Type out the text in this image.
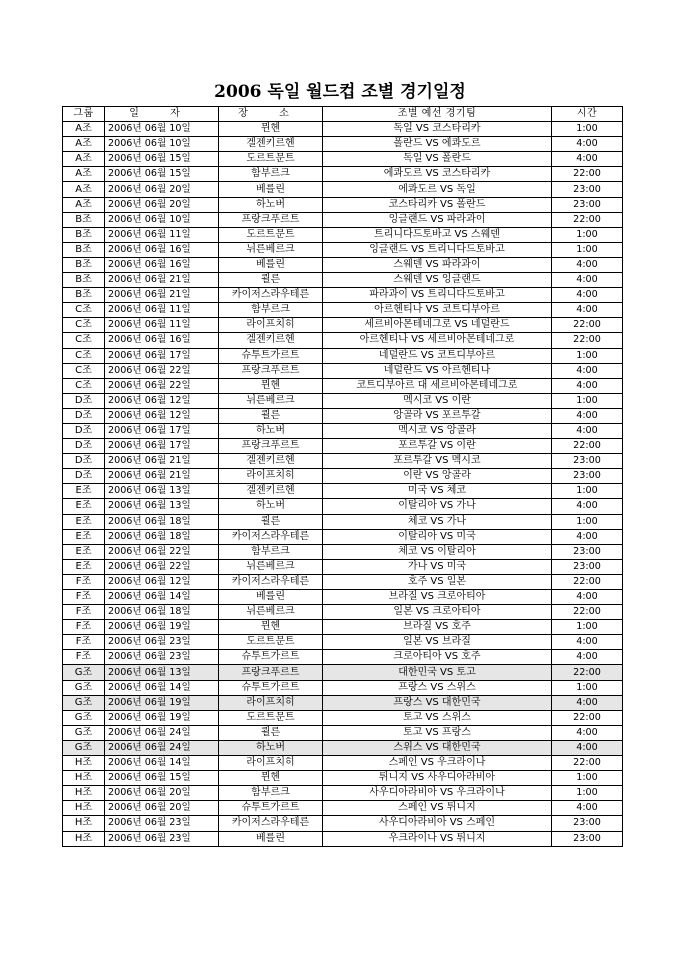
2006 독일 월드컵 조별 경기일정
그룹	일 자	장 소	조별 예선 경기팀	시간
A조	2006년 06월 10일	뮌헨	독일 VS 코스타리카	1:00
A조	2006년 06월 10일	겔젠키르헨	폴란드 VS 에콰도르	4:00
A조	2006년 06월 15일	도르트문트	독일 VS 폴란드	4:00
A조	2006년 06월 15일	함부르크	에콰도르 VS 코스타리카	22:00
A조	2006년 06월 20일	베를린	에콰도르 VS 독일	23:00
A조	2006년 06월 20일	하노버	코스타리카 VS 폴란드	23:00
B조	2006년 06월 10일	프랑크푸르트	잉글랜드 VS 파라과이	22:00
B조	2006년 06월 11일	도르트문트	트리니다드토바고 VS 스웨덴	1:00
B조	2006년 06월 16일	뉘른베르크	잉글랜드 VS 트리니다드토바고	1:00
B조	2006년 06월 16일	베를린	스웨덴 VS 파라과이	4:00
B조	2006년 06월 21일	쾰른	스웨덴 VS 잉글랜드	4:00
B조	2006년 06월 21일	카이저스라우테른	파라과이 VS 트리니다드토바고	4:00
C조	2006년 06월 11일	함부르크	아르헨티나 VS 코트디부아르	4:00
C조	2006년 06월 11일	라이프치히	세르비아몬테네그로 VS 네덜란드	22:00
C조	2006년 06월 16일	겔젠키르헨	아르헨티나 VS 세르비아몬테네그로	22:00
C조	2006년 06월 17일	슈투트가르트	네덜란드 VS 코트디부아르	1:00
C조	2006년 06월 22일	프랑크푸르트	네덜란드 VS 아르헨티나	4:00
C조	2006년 06월 22일	뮌헨	코트디부아르 대 세르비아몬테네그로	4:00
D조	2006년 06월 12일	뉘른베르크	멕시코 VS 이란	1:00
D조	2006년 06월 12일	쾰른	앙골라 VS 포르투갈	4:00
D조	2006년 06월 17일	하노버	멕시코 VS 앙골라	4:00
D조	2006년 06월 17일	프랑크푸르트	포르투갈 VS 이란	22:00
D조	2006년 06월 21일	겔젠키르헨	포르투갈 VS 멕시코	23:00
D조	2006년 06월 21일	라이프치히	이란 VS 앙골라	23:00
E조	2006년 06월 13일	겔젠키르헨	미국 VS 체코	1:00
E조	2006년 06월 13일	하노버	이탈리아 VS 가나	4:00
E조	2006년 06월 18일	쾰른	체코 VS 가나	1:00
E조	2006년 06월 18일	카이저스라우테른	이탈리아 VS 미국	4:00
E조	2006년 06월 22일	함부르크	체코 VS 이탈리아	23:00
E조	2006년 06월 22일	뉘른베르크	가나 VS 미국	23:00
F조	2006년 06월 12일	카이저스라우테른	호주 VS 일본	22:00
F조	2006년 06월 14일	베를린	브라질 VS 크로아티아	4:00
F조	2006년 06월 18일	뉘른베르크	일본 VS 크로아티아	22:00
F조	2006년 06월 19일	뮌헨	브라질 VS 호주	1:00
F조	2006년 06월 23일	도르트문트	일본 VS 브라질	4:00
F조	2006년 06월 23일	슈투트가르트	크로아티아 VS 호주	4:00
G조	2006년 06월 13일	프랑크푸르트	대한민국 VS 토고	22:00
G조	2006년 06월 14일	슈투트가르트	프랑스 VS 스위스	1:00
G조	2006년 06월 19일	라이프치히	프랑스 VS 대한민국	4:00
G조	2006년 06월 19일	도르트문트	토고 VS 스위스	22:00
G조	2006년 06월 24일	쾰른	토고 VS 프랑스	4:00
G조	2006년 06월 24일	하노버	스위스 VS 대한민국	4:00
H조	2006년 06월 14일	라이프치히	스페인 VS 우크라이나	22:00
H조	2006년 06월 15일	뮌헨	튀니지 VS 사우디아라비아	1:00
H조	2006년 06월 20일	함부르크	사우디아라비아 VS 우크라이나	1:00
H조	2006년 06월 20일	슈투트가르트	스페인 VS 튀니지	4:00
H조	2006년 06월 23일	카이저스라우테른	사우디아라비아 VS 스페인	23:00
H조	2006년 06월 23일	베를린	우크라이나 VS 튀니지	23:00
